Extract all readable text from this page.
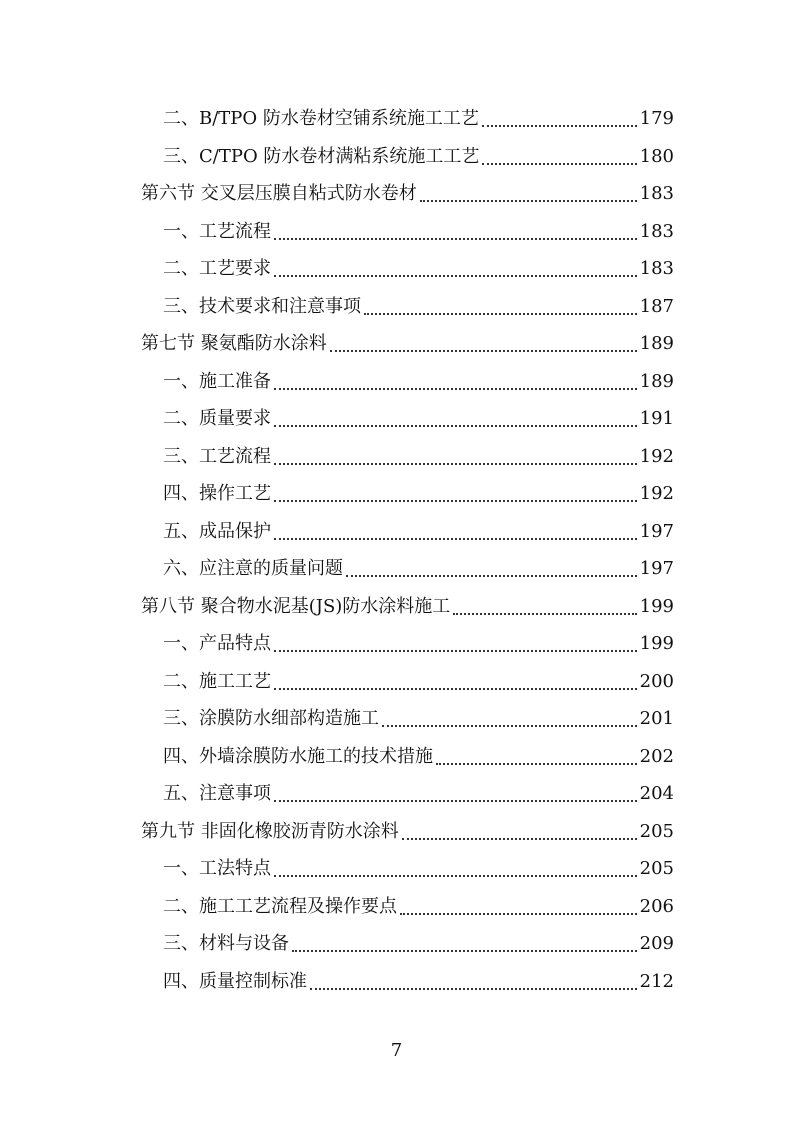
二、B/TPO 防水卷材空铺系统施工工艺	179
三、C/TPO 防水卷材满粘系统施工工艺	180
第六节 交叉层压膜自粘式防水卷材	183
一、工艺流程	183
二、工艺要求	183
三、技术要求和注意事项	187
第七节 聚氨酯防水涂料	189
一、施工准备	189
二、质量要求	191
三、工艺流程	192
四、操作工艺	192
五、成品保护	197
六、应注意的质量问题	197
第八节 聚合物水泥基(JS)防水涂料施工	199
一、产品特点	199
二、施工工艺	200
三、涂膜防水细部构造施工	201
四、外墙涂膜防水施工的技术措施	202
五、注意事项	204
第九节 非固化橡胶沥青防水涂料	205
一、工法特点	205
二、施工工艺流程及操作要点	206
三、材料与设备	209
四、质量控制标准	212
7
